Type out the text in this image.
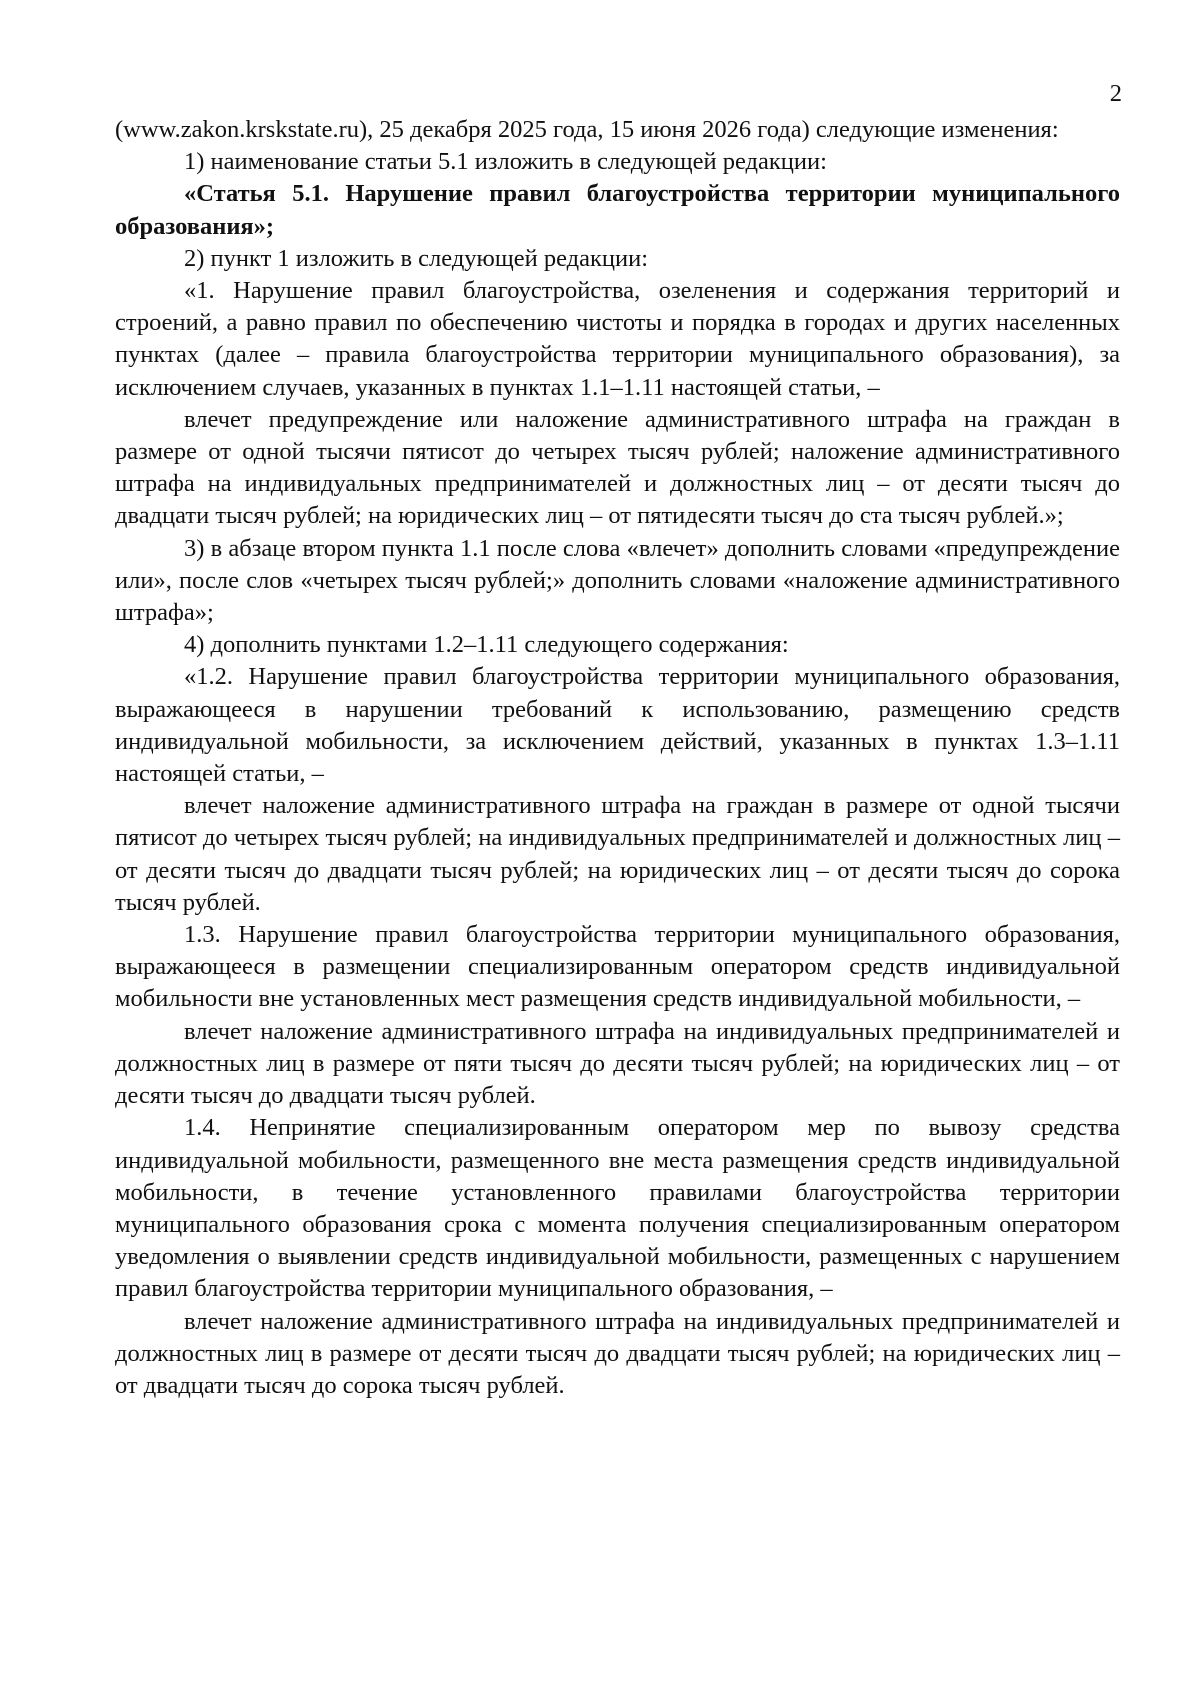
2

(www.zakon.krskstate.ru), 25 декабря 2025 года, 15 июня 2026 года) следующие изменения:

1) наименование статьи 5.1 изложить в следующей редакции:

«Статья 5.1. Нарушение правил благоустройства территории муниципального образования»;

2) пункт 1 изложить в следующей редакции:

«1. Нарушение правил благоустройства, озеленения и содержания территорий и строений, а равно правил по обеспечению чистоты и порядка в городах и других населенных пунктах (далее – правила благоустройства территории муниципального образования), за исключением случаев, указанных в пунктах 1.1–1.11 настоящей статьи, –

влечет предупреждение или наложение административного штрафа на граждан в размере от одной тысячи пятисот до четырех тысяч рублей; наложение административного штрафа на индивидуальных предпринимателей и должностных лиц – от десяти тысяч до двадцати тысяч рублей; на юридических лиц – от пятидесяти тысяч до ста тысяч рублей.»;

3) в абзаце втором пункта 1.1 после слова «влечет» дополнить словами «предупреждение или», после слов «четырех тысяч рублей;» дополнить словами «наложение административного штрафа»;

4) дополнить пунктами 1.2–1.11 следующего содержания:

«1.2. Нарушение правил благоустройства территории муниципального образования, выражающееся в нарушении требований к использованию, размещению средств индивидуальной мобильности, за исключением действий, указанных в пунктах 1.3–1.11 настоящей статьи, –

влечет наложение административного штрафа на граждан в размере от одной тысячи пятисот до четырех тысяч рублей; на индивидуальных предпринимателей и должностных лиц – от десяти тысяч до двадцати тысяч рублей; на юридических лиц – от десяти тысяч до сорока тысяч рублей.

1.3. Нарушение правил благоустройства территории муниципального образования, выражающееся в размещении специализированным оператором средств индивидуальной мобильности вне установленных мест размещения средств индивидуальной мобильности, –

влечет наложение административного штрафа на индивидуальных предпринимателей и должностных лиц в размере от пяти тысяч до десяти тысяч рублей; на юридических лиц – от десяти тысяч до двадцати тысяч рублей.

1.4. Непринятие специализированным оператором мер по вывозу средства индивидуальной мобильности, размещенного вне места размещения средств индивидуальной мобильности, в течение установленного правилами благоустройства территории муниципального образования срока с момента получения специализированным оператором уведомления о выявлении средств индивидуальной мобильности, размещенных с нарушением правил благоустройства территории муниципального образования, –

влечет наложение административного штрафа на индивидуальных предпринимателей и должностных лиц в размере от десяти тысяч до двадцати тысяч рублей; на юридических лиц – от двадцати тысяч до сорока тысяч рублей.
